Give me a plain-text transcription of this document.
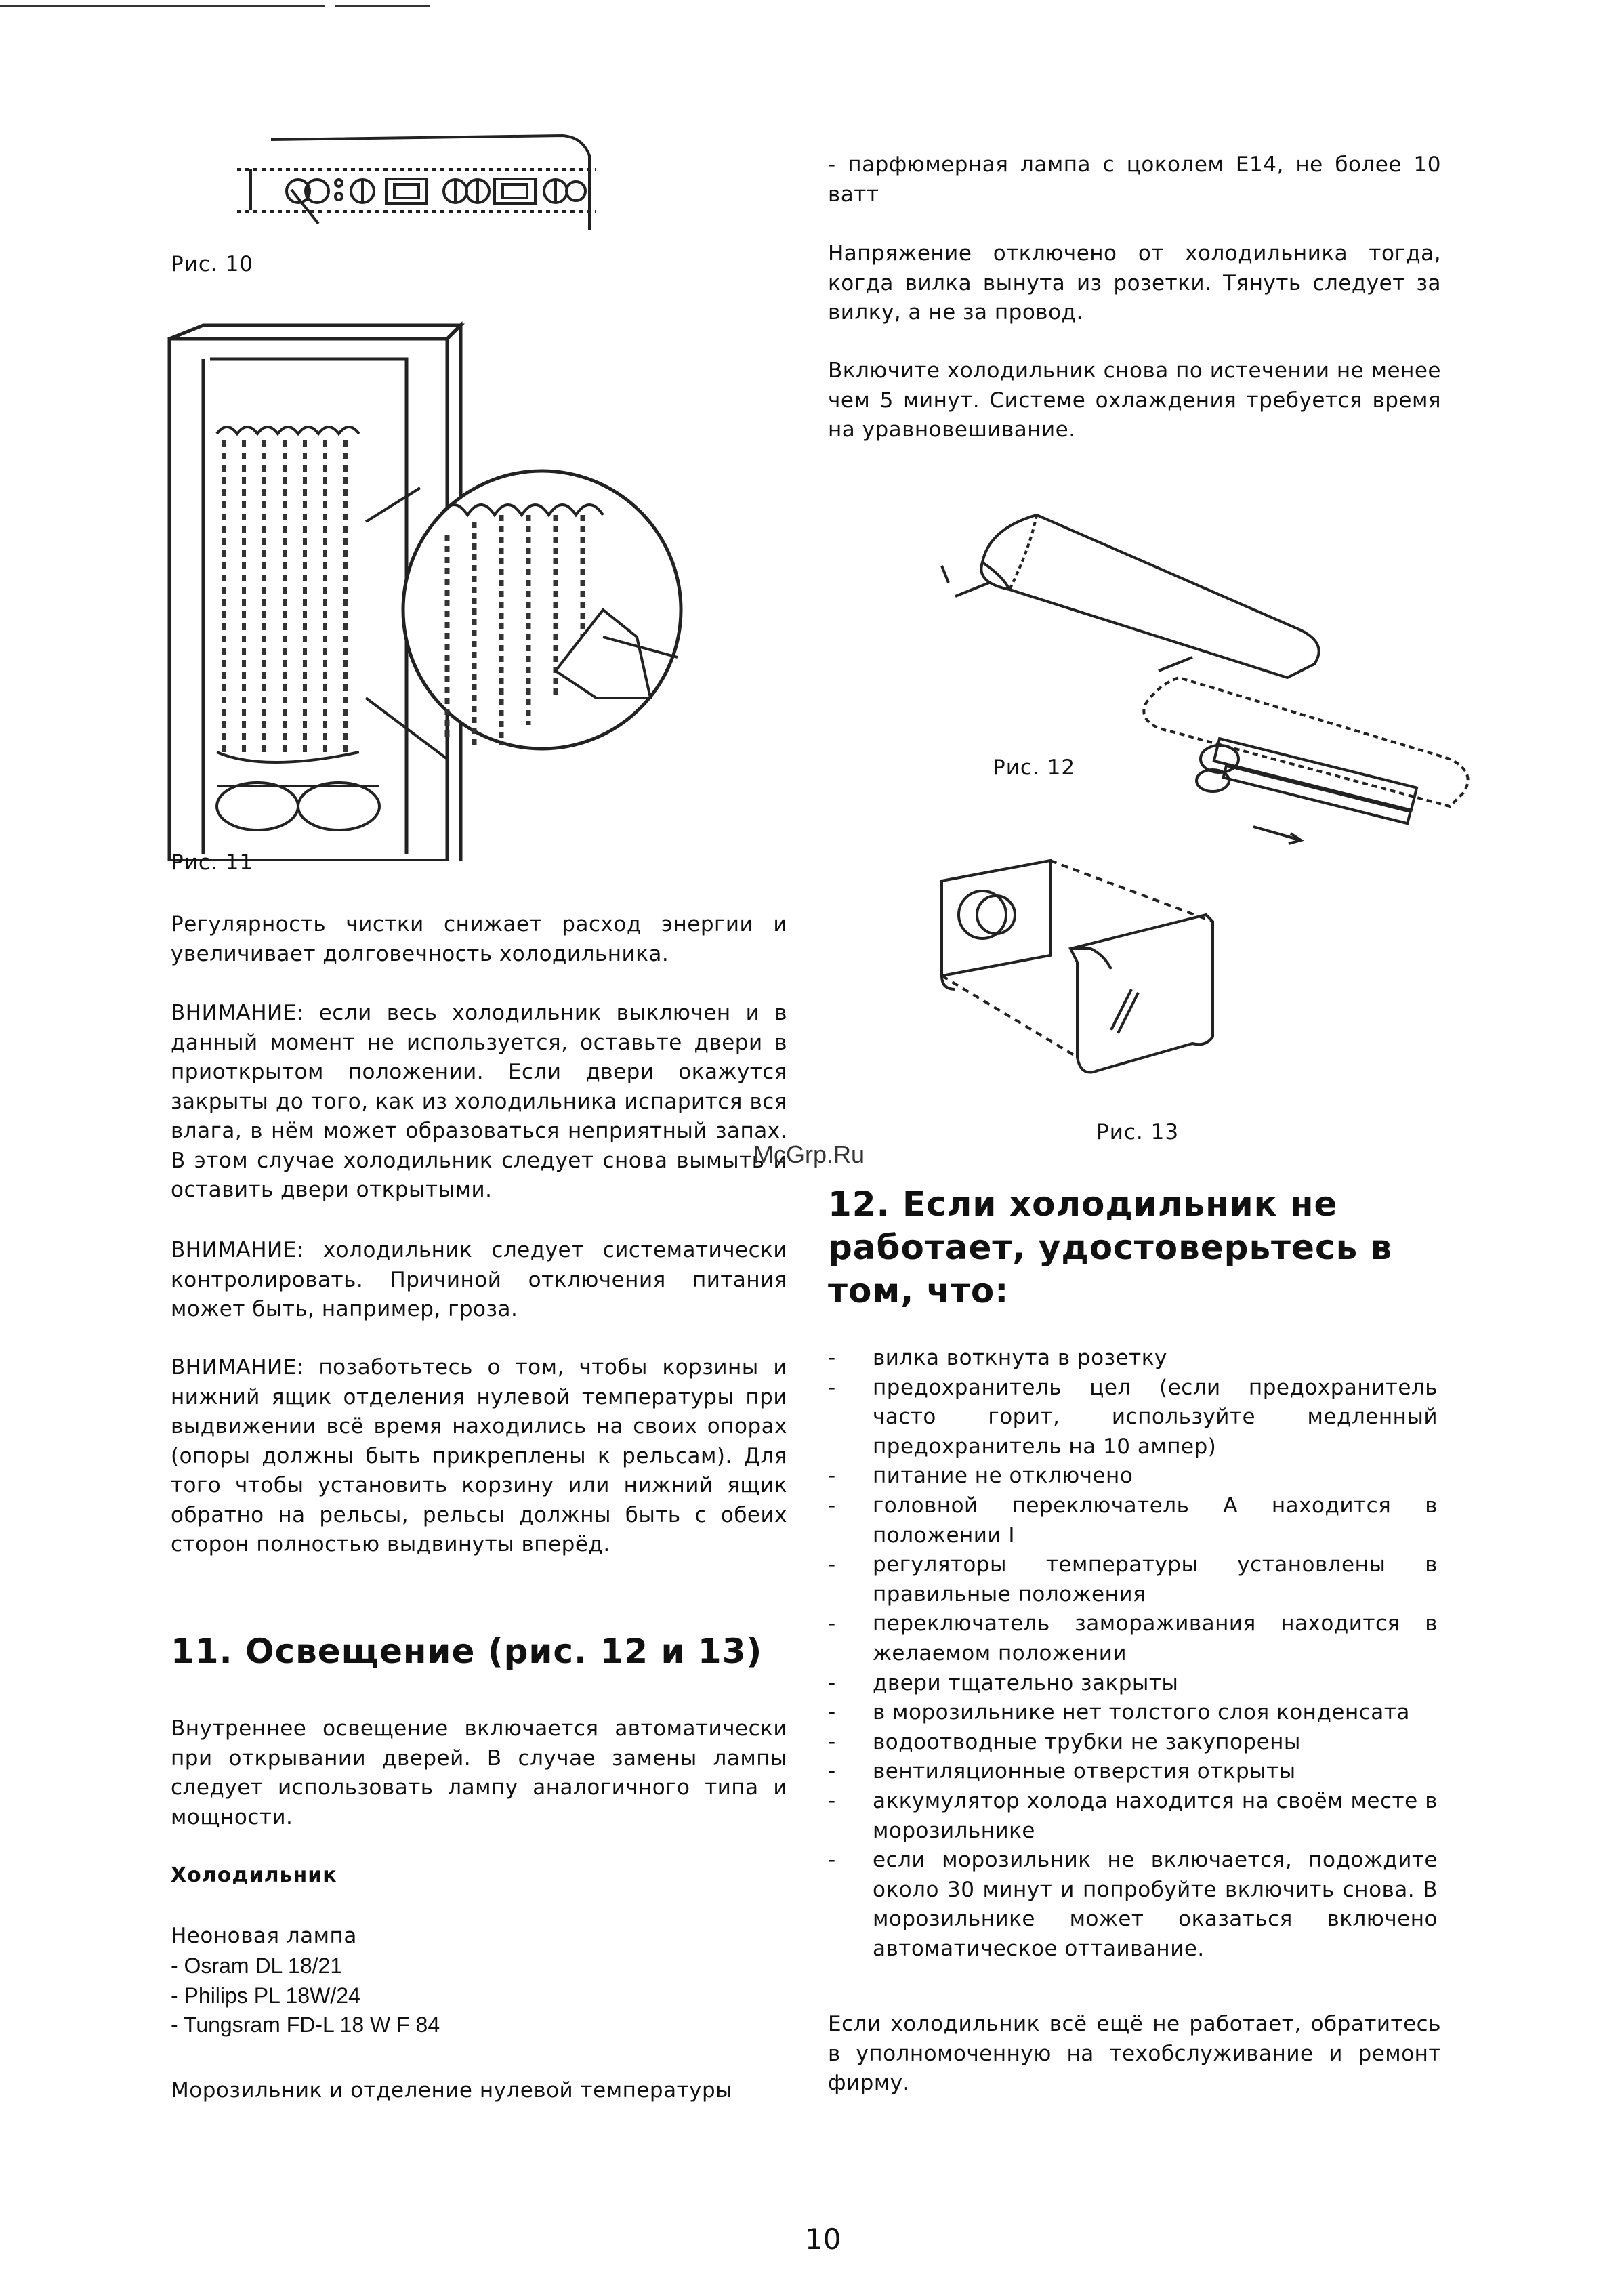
Рис. 10
Рис. 11
Регулярность чистки снижает расход энергии и увеличивает долговечность холодильника.
ВНИМАНИЕ: если весь холодильник выключен и в данный момент не используется, оставьте двери в приоткрытом положении. Если двери окажутся закрыты до того, как из холодильника испарится вся влага, в нём может образоваться неприятный запах. В этом случае холодильник следует снова вымыть и оставить двери открытыми.
ВНИМАНИЕ: холодильник следует систематически контролировать. Причиной отключения питания может быть, например, гроза.
ВНИМАНИЕ: позаботьтесь о том, чтобы корзины и нижний ящик отделения нулевой температуры при выдвижении всё время находились на своих опорах (опоры должны быть прикреплены к рельсам). Для того чтобы установить корзину или нижний ящик обратно на рельсы, рельсы должны быть с обеих сторон полностью выдвинуты вперёд.
11. Освещение (рис. 12 и 13)
Внутреннее освещение включается автоматически при открывании дверей. В случае замены лампы следует использовать лампу аналогичного типа и мощности.
Холодильник
Неоновая лампа
- Osram DL 18/21
- Philips PL 18W/24
- Tungsram FD-L 18 W F 84
Морозильник и отделение нулевой температуры
- парфюмерная лампа с цоколем E14, не более 10 ватт
Напряжение отключено от холодильника тогда, когда вилка вынута из розетки. Тянуть следует за вилку, а не за провод.
Включите холодильник снова по истечении не менее чем 5 минут. Системе охлаждения требуется время на уравновешивание.
Рис. 12
Рис. 13
McGrp.Ru
12. Если холодильник не работает, удостоверьтесь в том, что:
- вилка воткнута в розетку
- предохранитель цел (если предохранитель часто горит, используйте медленный предохранитель на 10 ампер)
- питание не отключено
- головной переключатель A находится в положении I
- регуляторы температуры установлены в правильные положения
- переключатель замораживания находится в желаемом положении
- двери тщательно закрыты
- в морозильнике нет толстого слоя конденсата
- водоотводные трубки не закупорены
- вентиляционные отверстия открыты
- аккумулятор холода находится на своём месте в морозильнике
- если морозильник не включается, подождите около 30 минут и попробуйте включить снова. В морозильнике может оказаться включено автоматическое оттаивание.
Если холодильник всё ещё не работает, обратитесь в уполномоченную на техобслуживание и ремонт фирму.
10
